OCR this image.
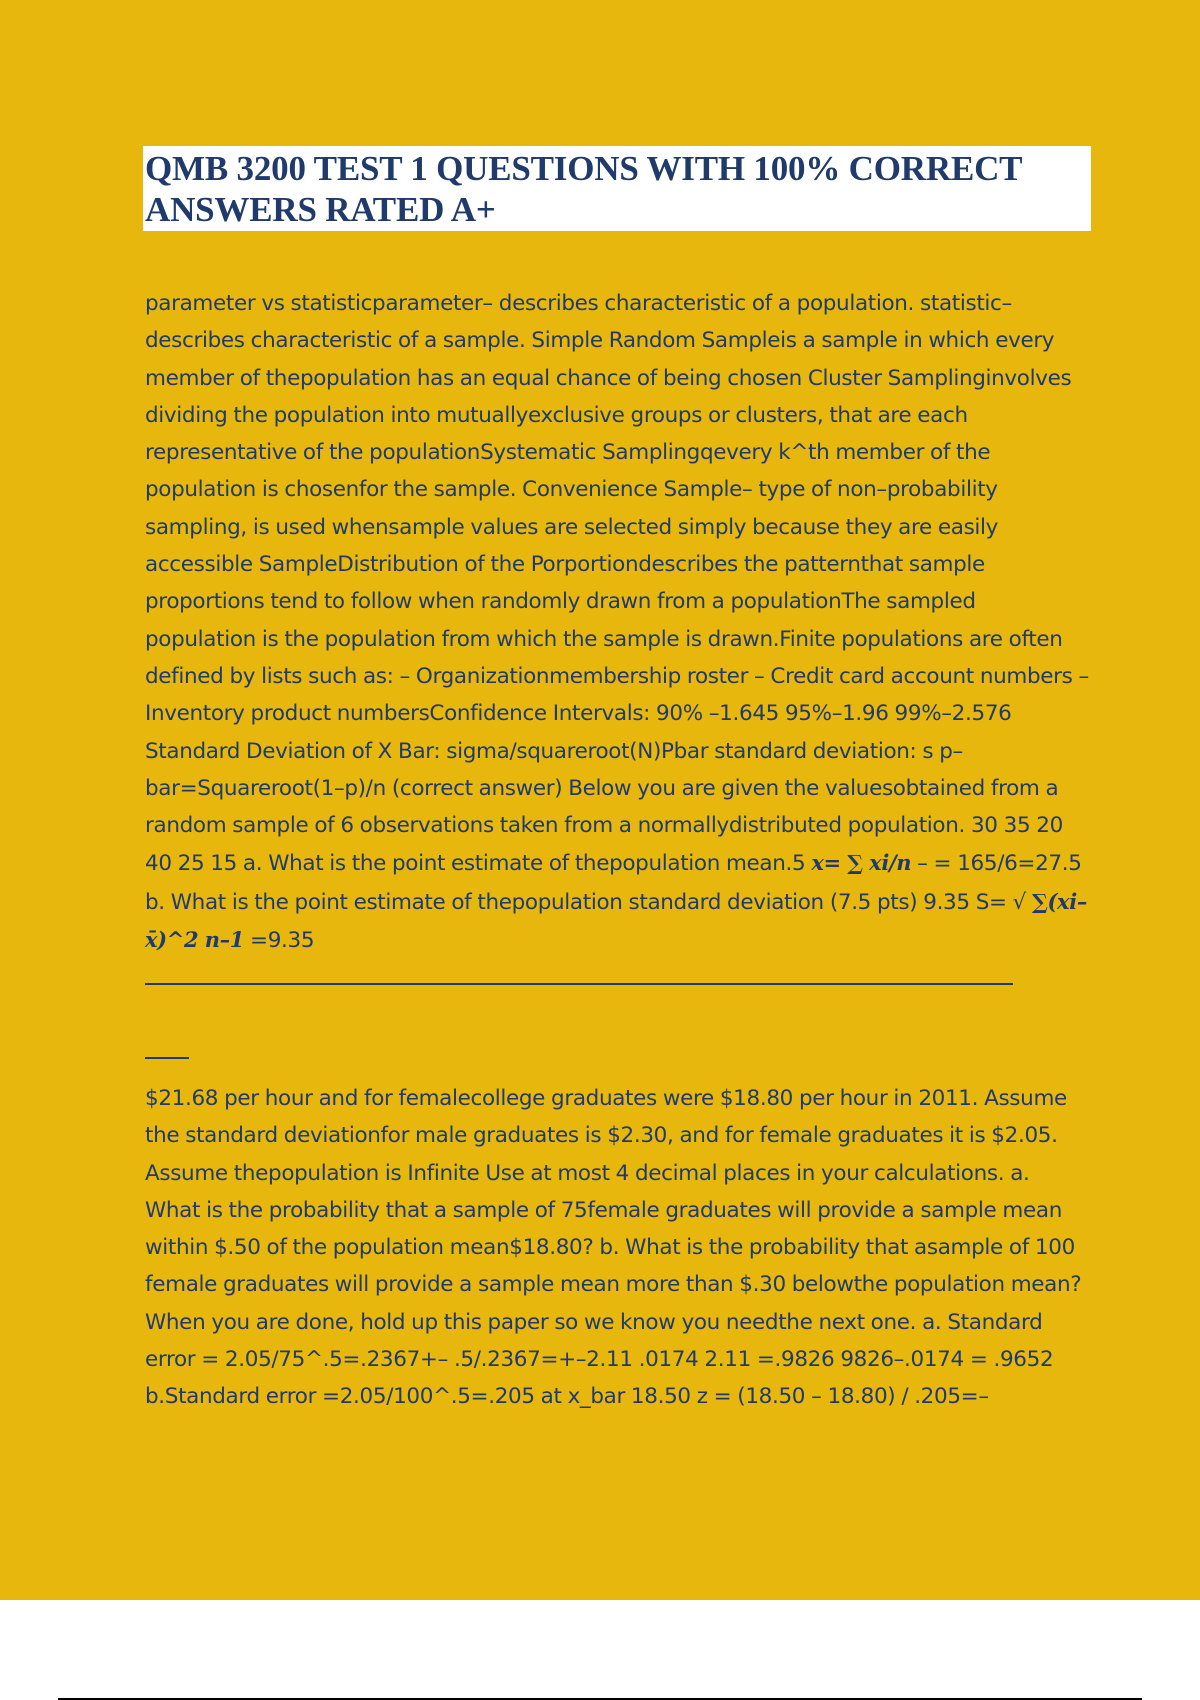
QMB 3200 TEST 1 QUESTIONS WITH 100% CORRECT ANSWERS RATED A+

parameter vs statisticparameter– describes characteristic of a population. statistic–describes characteristic of a sample. Simple Random Sampleis a sample in which every member of thepopulation has an equal chance of being chosen Cluster Samplinginvolves dividing the population into mutuallyexclusive groups or clusters, that are each representative of the populationSystematic Samplingqevery k^th member of the population is chosenfor the sample. Convenience Sample– type of non–probability sampling, is used whensample values are selected simply because they are easily accessible SampleDistribution of the Porportiondescribes the patternthat sample proportions tend to follow when randomly drawn from a populationThe sampled population is the population from which the sample is drawn.Finite populations are often defined by lists such as: – Organizationmembership roster – Credit card account numbers – Inventory product numbersConfidence Intervals: 90% –1.645 95%–1.96 99%–2.576 Standard Deviation of X Bar: sigma/squareroot(N)Pbar standard deviation: s p–bar=Squareroot(1–p)/n (correct answer) Below you are given the valuesobtained from a random sample of 6 observations taken from a normallydistributed population. 30 35 20 40 25 15 a. What is the point estimate of thepopulation mean.5 x= ∑ xi/n – = 165/6=27.5 b. What is the point estimate of thepopulation standard deviation (7.5 pts) 9.35 S= √ ∑(xi–x̄)^2 n–1 =9.35

$21.68 per hour and for femalecollege graduates were $18.80 per hour in 2011. Assume the standard deviationfor male graduates is $2.30, and for female graduates it is $2.05. Assume thepopulation is Infinite Use at most 4 decimal places in your calculations. a. What is the probability that a sample of 75female graduates will provide a sample mean within $.50 of the population mean$18.80? b. What is the probability that asample of 100 female graduates will provide a sample mean more than $.30 belowthe population mean? When you are done, hold up this paper so we know you needthe next one. a. Standard error = 2.05/75^.5=.2367+– .5/.2367=+–2.11 .0174 2.11 =.9826 9826–.0174 = .9652 b.Standard error =2.05/100^.5=.205 at x_bar 18.50 z = (18.50 – 18.80) / .205=–
